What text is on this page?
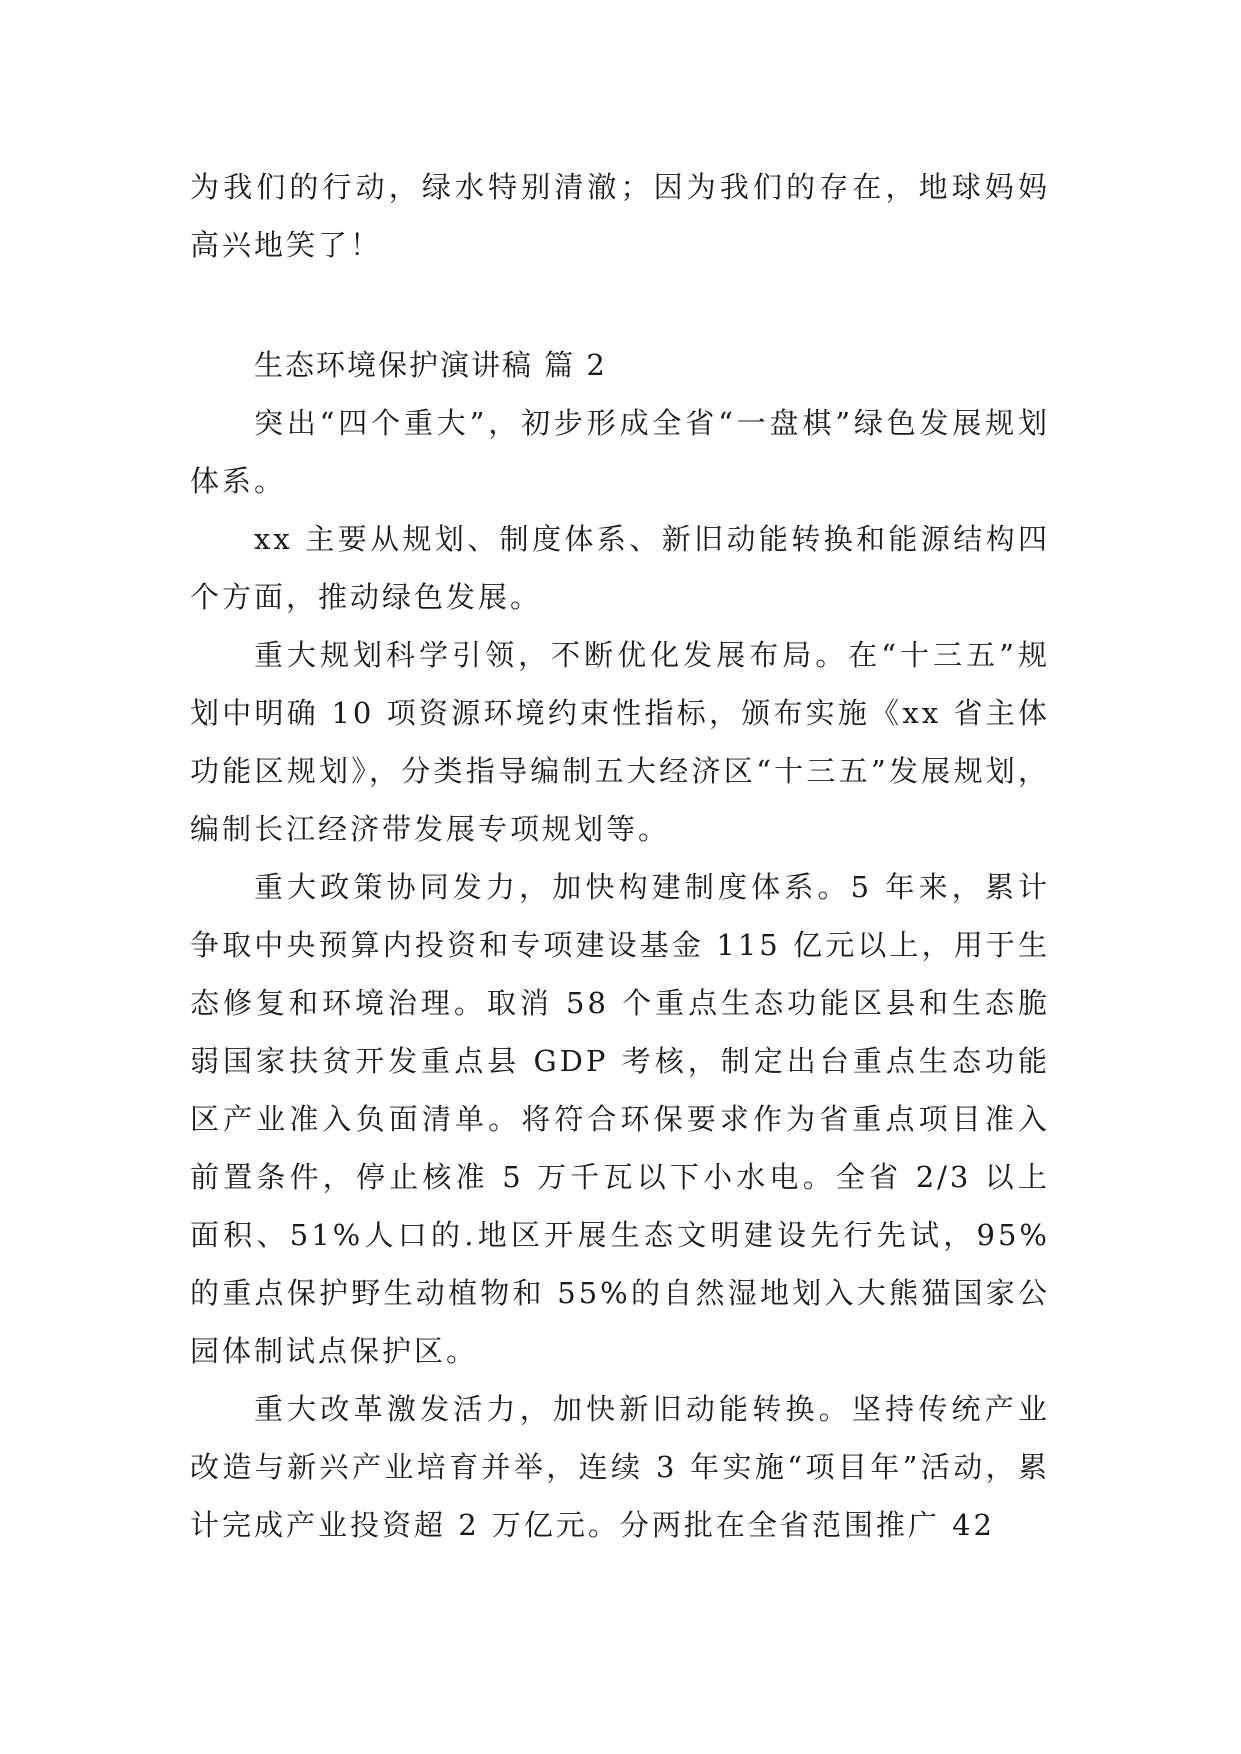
为我们的行动，绿水特别清澈；因为我们的存在，地球妈妈高兴地笑了！

生态环境保护演讲稿 篇 2

突出“四个重大”，初步形成全省“一盘棋”绿色发展规划体系。

xx 主要从规划、制度体系、新旧动能转换和能源结构四个方面，推动绿色发展。

重大规划科学引领，不断优化发展布局。在“十三五”规划中明确 10 项资源环境约束性指标，颁布实施《xx 省主体功能区规划》，分类指导编制五大经济区“十三五”发展规划，编制长江经济带发展专项规划等。

重大政策协同发力，加快构建制度体系。5 年来，累计争取中央预算内投资和专项建设基金 115 亿元以上，用于生态修复和环境治理。取消 58 个重点生态功能区县和生态脆弱国家扶贫开发重点县 GDP 考核，制定出台重点生态功能区产业准入负面清单。将符合环保要求作为省重点项目准入前置条件，停止核准 5 万千瓦以下小水电。全省 2/3 以上面积、51%人口的.地区开展生态文明建设先行先试，95%的重点保护野生动植物和 55%的自然湿地划入大熊猫国家公园体制试点保护区。

重大改革激发活力，加快新旧动能转换。坚持传统产业改造与新兴产业培育并举，连续 3 年实施“项目年”活动，累计完成产业投资超 2 万亿元。分两批在全省范围推广 42
